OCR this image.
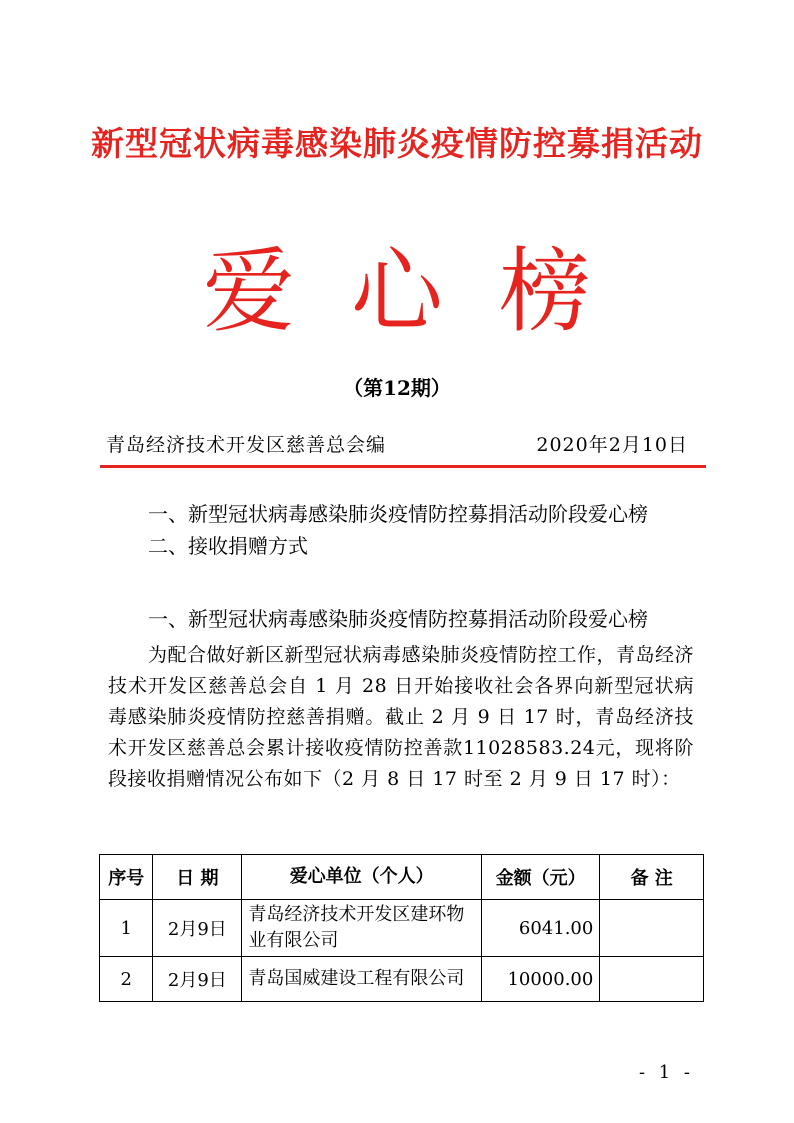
新型冠状病毒感染肺炎疫情防控募捐活动
爱心榜
（第12期）
青岛经济技术开发区慈善总会编	2020年2月10日
一、新型冠状病毒感染肺炎疫情防控募捐活动阶段爱心榜
二、接收捐赠方式
一、新型冠状病毒感染肺炎疫情防控募捐活动阶段爱心榜
为配合做好新区新型冠状病毒感染肺炎疫情防控工作，青岛经济技术开发区慈善总会自 1 月 28 日开始接收社会各界向新型冠状病毒感染肺炎疫情防控慈善捐赠。截止 2 月 9 日 17 时，青岛经济技术开发区慈善总会累计接收疫情防控善款11028583.24元，现将阶段接收捐赠情况公布如下（2 月 8 日 17 时至 2 月 9 日 17 时）：
序号	日 期	爱心单位（个人）	金额（元）	备 注
1	2月9日	青岛经济技术开发区建环物业有限公司	6041.00	
2	2月9日	青岛国威建设工程有限公司	10000.00	
- 1 -
